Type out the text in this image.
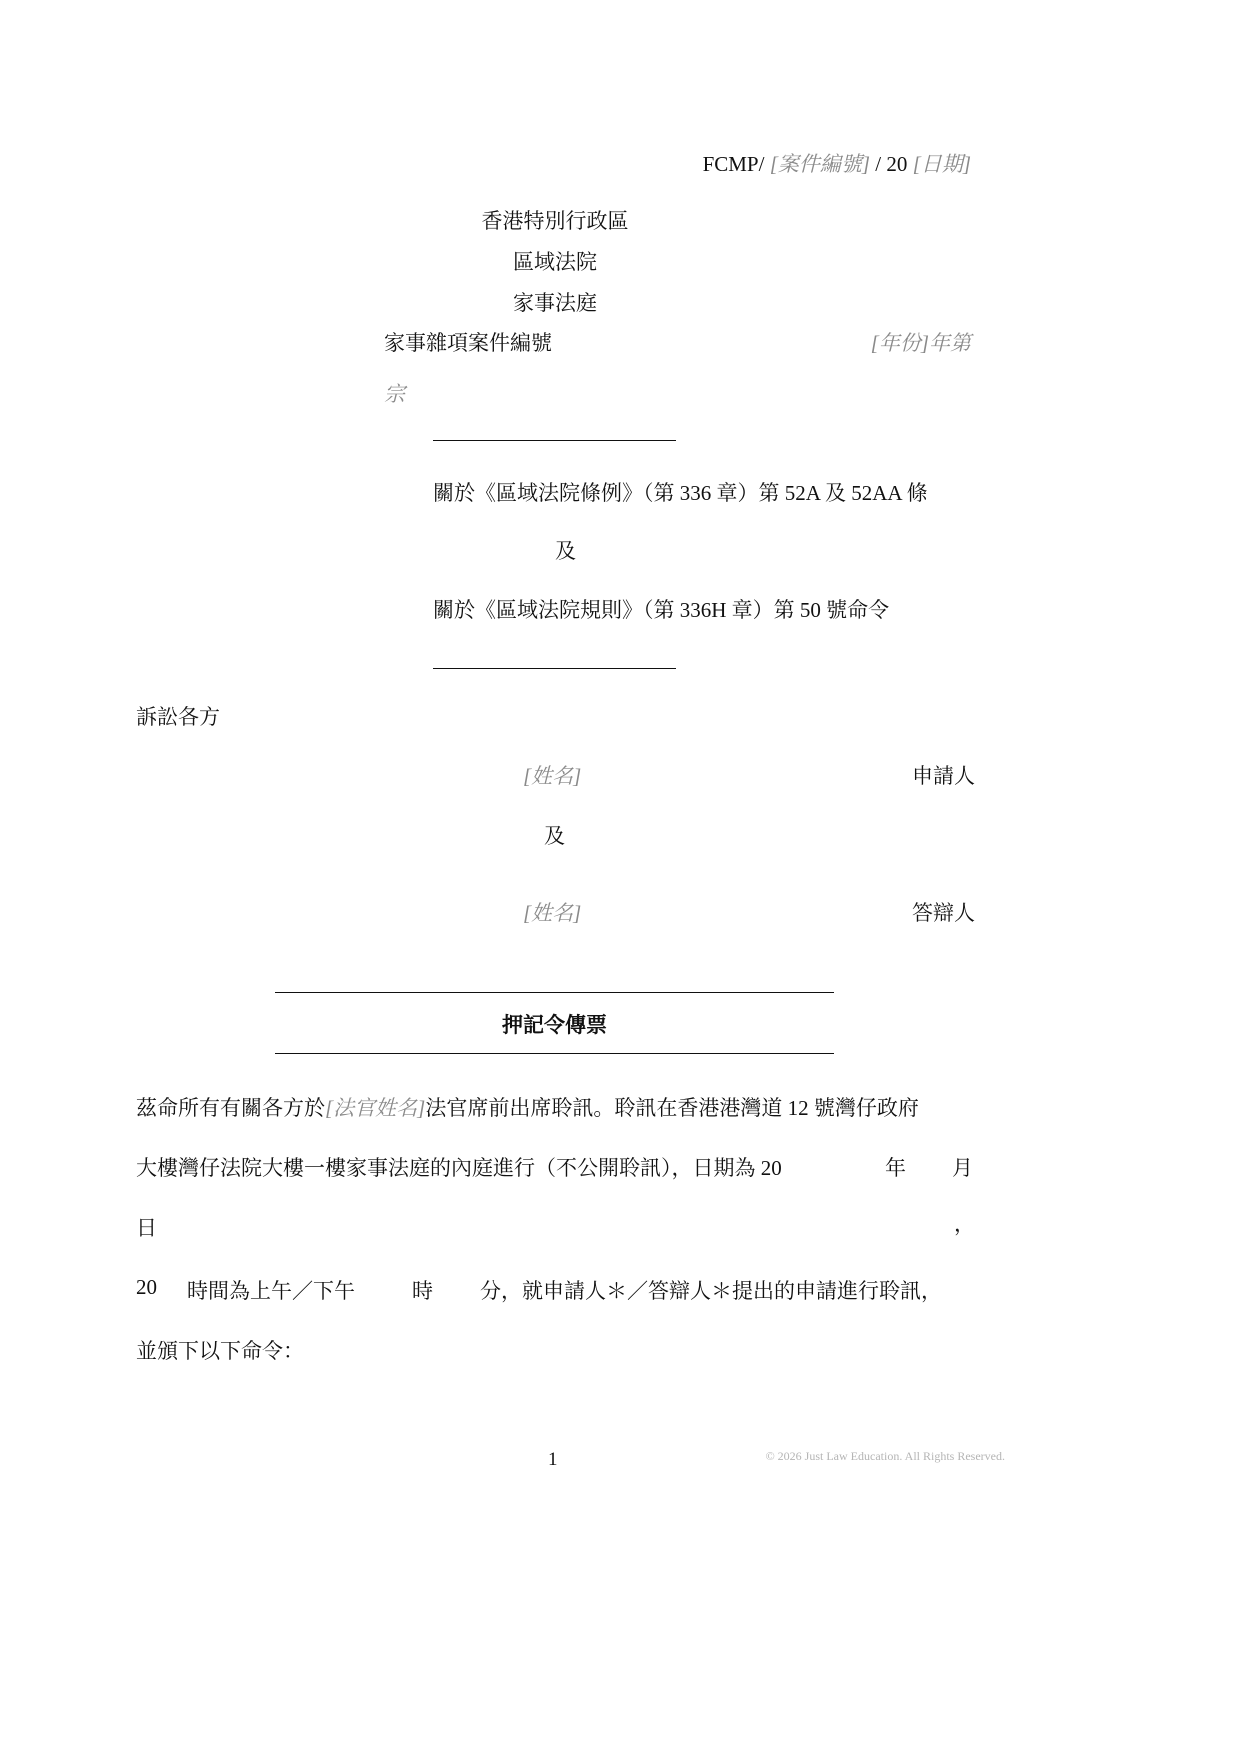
FCMP/ [案件編號] / 20 [日期]
香港特別行政區
區域法院
家事法庭
家事雜項案件編號	[年份]年第
宗
關於《區域法院條例》（第 336 章）第 52A 及 52AA 條
及
關於《區域法院規則》（第 336H 章）第 50 號命令
訴訟各方
[姓名]	申請人
及
[姓名]	答辯人
押記令傳票
茲命所有有關各方於[法官姓名]法官席前出席聆訊。聆訊在香港港灣道 12 號灣仔政府
大樓灣仔法院大樓一樓家事法庭的內庭進行（不公開聆訊），日期為 20	年 月
日	，
20 時間為上午／下午	時 分，就申請人＊／答辯人＊提出的申請進行聆訊，
並頒下以下命令：
1	© 2026 Just Law Education. All Rights Reserved.
